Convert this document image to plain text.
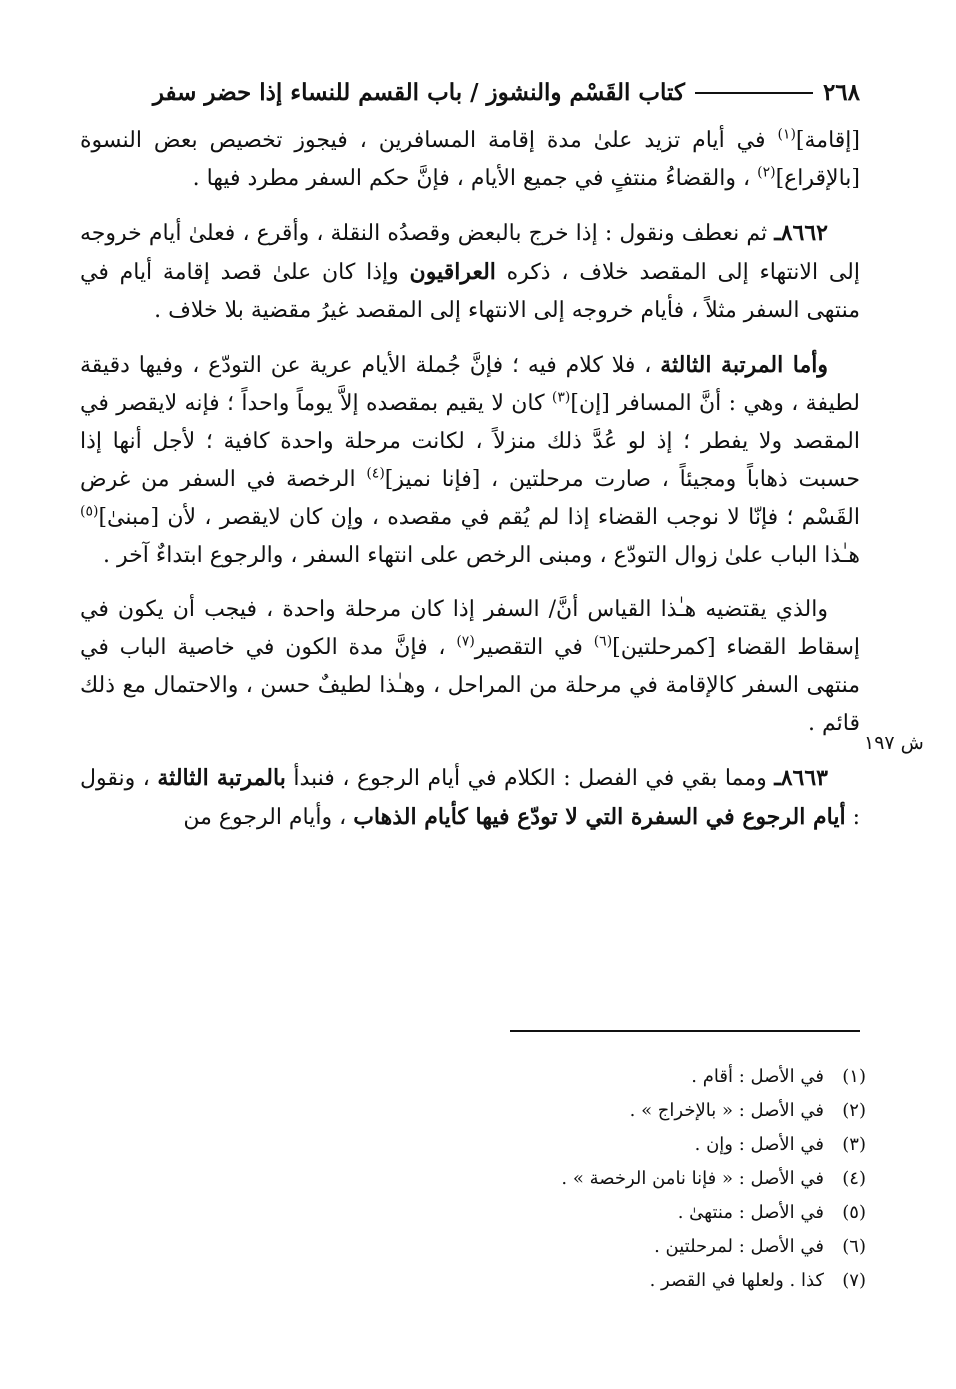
٢٦٨
كتاب القَسْم والنشوز / باب القسم للنساء إذا حضر سفر
ش ١٩٧

[إقامة]$^{(١)}$ في أيام تزيد علىٰ مدة إقامة المسافرين ، فيجوز تخصيص بعض النسوة [بالإقراع]$^{(٢)}$ ، والقضاءُ منتفٍ في جميع الأيام ، فإنَّ حكم السفر مطرد فيها .

٨٦٦٢ـ ثم نعطف ونقول : إذا خرج بالبعض وقصدُه النقلة ، وأقرع ، فعلىٰ أيام خروجه إلى الانتهاء إلى المقصد خلاف ، ذكره العراقيون وإذا كان علىٰ قصد إقامة أيام في منتهى السفر مثلاً ، فأيام خروجه إلى الانتهاء إلى المقصد غيرُ مقضية بلا خلاف .

وأما المرتبة الثالثة ، فلا كلام فيه ؛ فإنَّ جُملة الأيام عرية عن التودّع ، وفيها دقيقة لطيفة ، وهي : أنَّ المسافر [إن]$^{(٣)}$ كان لا يقيم بمقصده إلاَّ يوماً واحداً ؛ فإنه لايقصر في المقصد ولا يفطر ؛ إذ لو عُدَّ ذلك منزلاً ، لكانت مرحلة واحدة كافية ؛ لأجل أنها إذا حسبت ذهاباً ومجيئاً ، صارت مرحلتين ، [فإنا نميز]$^{(٤)}$ الرخصة في السفر من غرض القَسْم ؛ فإنّا لا نوجب القضاء إذا لم يُقم في مقصده ، وإن كان لايقصر ، لأن [مبنىٰ]$^{(٥)}$ هـٰذا الباب علىٰ زوال التودّع ، ومبنى الرخص على انتهاء السفر ، والرجوع ابتداءٌ آخر .

والذي يقتضيه هـٰذا القياس أنَّ/ السفر إذا كان مرحلة واحدة ، فيجب أن يكون في إسقاط القضاء [كمرحلتين]$^{(٦)}$ في التقصير$^{(٧)}$ ، فإنَّ مدة الكون في خاصية الباب في منتهى السفر كالإقامة في مرحلة من المراحل ، وهـٰذا لطيفٌ حسن ، والاحتمال مع ذلك قائم .

٨٦٦٣ـ ومما بقي في الفصل : الكلام في أيام الرجوع ، فنبدأ بالمرتبة الثالثة ، ونقول : أيام الرجوع في السفرة التي لا تودّع فيها كأيام الذهاب ، وأيام الرجوع من

(١)
في الأصل : أقام .
(٢)
في الأصل : « بالإخراج » .
(٣)
في الأصل : وإن .
(٤)
في الأصل : « فإنا نامن الرخصة » .
(٥)
في الأصل : منتهىٰ .
(٦)
في الأصل : لمرحلتين .
(٧)
كذا . ولعلها في القصر .
